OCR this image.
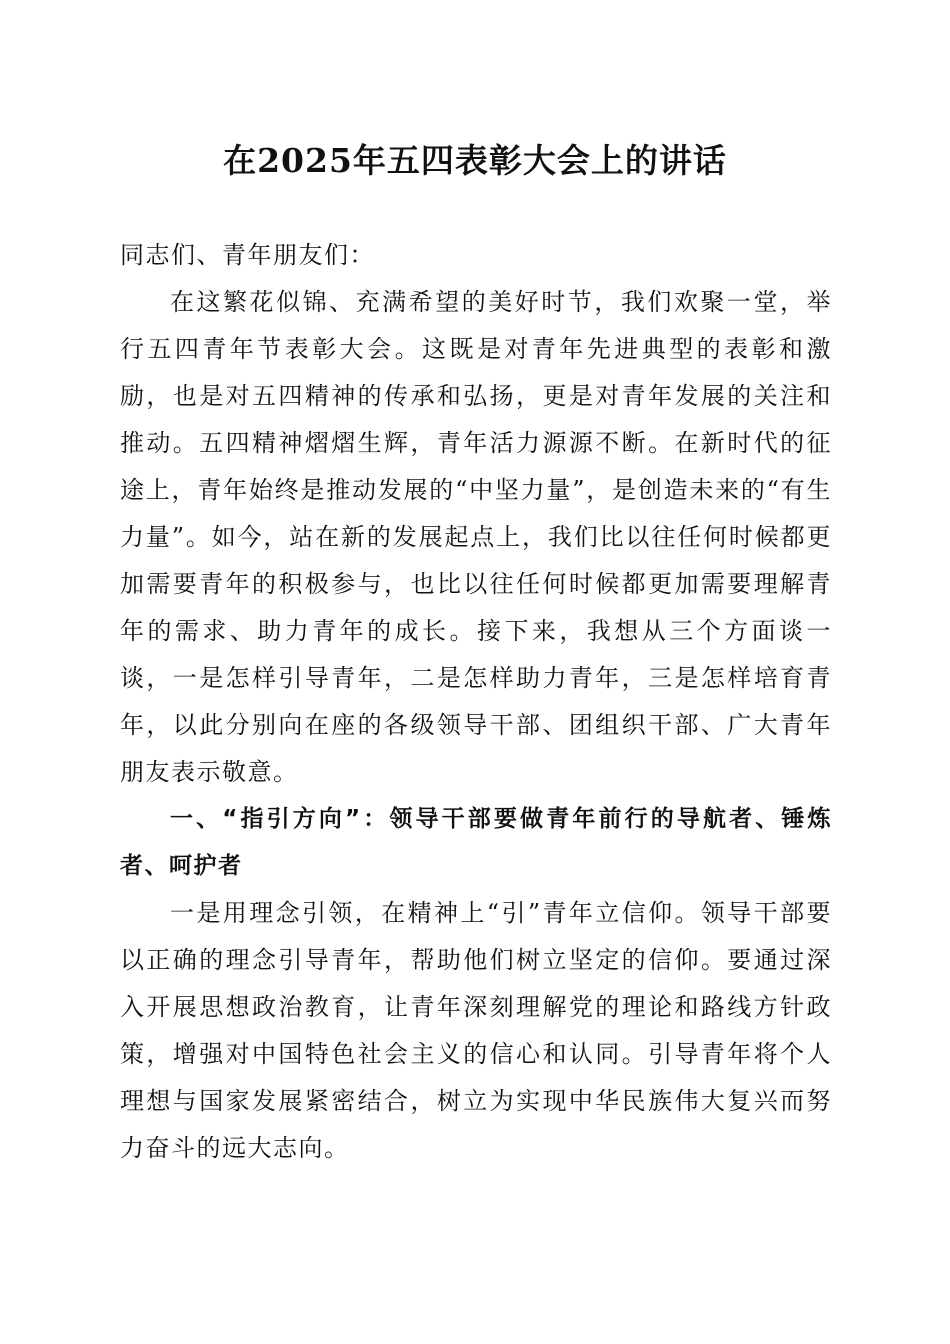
在2025年五四表彰大会上的讲话

同志们、青年朋友们：

在这繁花似锦、充满希望的美好时节，我们欢聚一堂，举行五四青年节表彰大会。这既是对青年先进典型的表彰和激励，也是对五四精神的传承和弘扬，更是对青年发展的关注和推动。五四精神熠熠生辉，青年活力源源不断。在新时代的征途上，青年始终是推动发展的“中坚力量”，是创造未来的“有生力量”。如今，站在新的发展起点上，我们比以往任何时候都更加需要青年的积极参与，也比以往任何时候都更加需要理解青年的需求、助力青年的成长。接下来，我想从三个方面谈一谈，一是怎样引导青年，二是怎样助力青年，三是怎样培育青年，以此分别向在座的各级领导干部、团组织干部、广大青年朋友表示敬意。

一、“指引方向”：领导干部要做青年前行的导航者、锤炼者、呵护者

一是用理念引领，在精神上“引”青年立信仰。领导干部要以正确的理念引导青年，帮助他们树立坚定的信仰。要通过深入开展思想政治教育，让青年深刻理解党的理论和路线方针政策，增强对中国特色社会主义的信心和认同。引导青年将个人理想与国家发展紧密结合，树立为实现中华民族伟大复兴而努力奋斗的远大志向。
